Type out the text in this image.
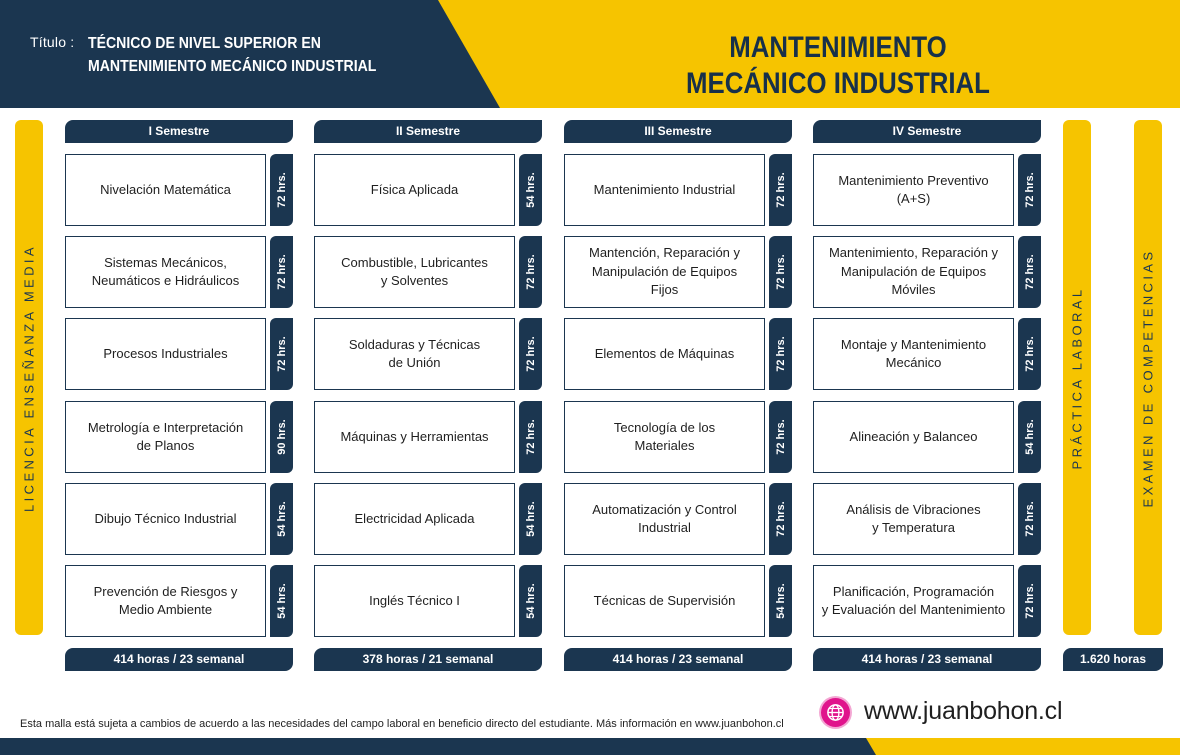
Título : TÉCNICO DE NIVEL SUPERIOR EN
MANTENIMIENTO MECÁNICO INDUSTRIAL
MANTENIMIENTO
MECÁNICO INDUSTRIAL
LICENCIA ENSEÑANZA MEDIA	PRÁCTICA LABORAL	EXAMEN DE COMPETENCIAS
I Semestre
Nivelación Matemática	72 hrs.
Sistemas Mecánicos,
Neumáticos e Hidráulicos	72 hrs.
Procesos Industriales	72 hrs.
Metrología e Interpretación
de Planos	90 hrs.
Dibujo Técnico Industrial	54 hrs.
Prevención de Riesgos y
Medio Ambiente	54 hrs.
414 horas / 23 semanal
II Semestre
Física Aplicada	54 hrs.
Combustible, Lubricantes
y Solventes	72 hrs.
Soldaduras y Técnicas
de Unión	72 hrs.
Máquinas y Herramientas	72 hrs.
Electricidad Aplicada	54 hrs.
Inglés Técnico I	54 hrs.
378 horas / 21 semanal
III Semestre
Mantenimiento Industrial	72 hrs.
Mantención, Reparación y
Manipulación de Equipos
Fijos
72 hrs.
Elementos de Máquinas	72 hrs.
Tecnología de los
Materiales	72 hrs.
Automatización y Control
Industrial	72 hrs.
Técnicas de Supervisión	54 hrs.
414 horas / 23 semanal
IV Semestre
Mantenimiento Preventivo
(A+S)	72 hrs.
Mantenimiento, Reparación y
Manipulación de Equipos
Móviles
72 hrs.
Montaje y Mantenimiento
Mecánico	72 hrs.
Alineación y Balanceo	54 hrs.
Análisis de Vibraciones
y Temperatura	72 hrs.
Planificación, Programación
y Evaluación del Mantenimiento 72 hrs.
414 horas / 23 semanal	1.620 horas
Esta malla está sujeta a cambios de acuerdo a las necesidades del campo laboral en beneficio directo del estudiante. Más información en www.juanbohon.cl	www.juanbohon.cl
